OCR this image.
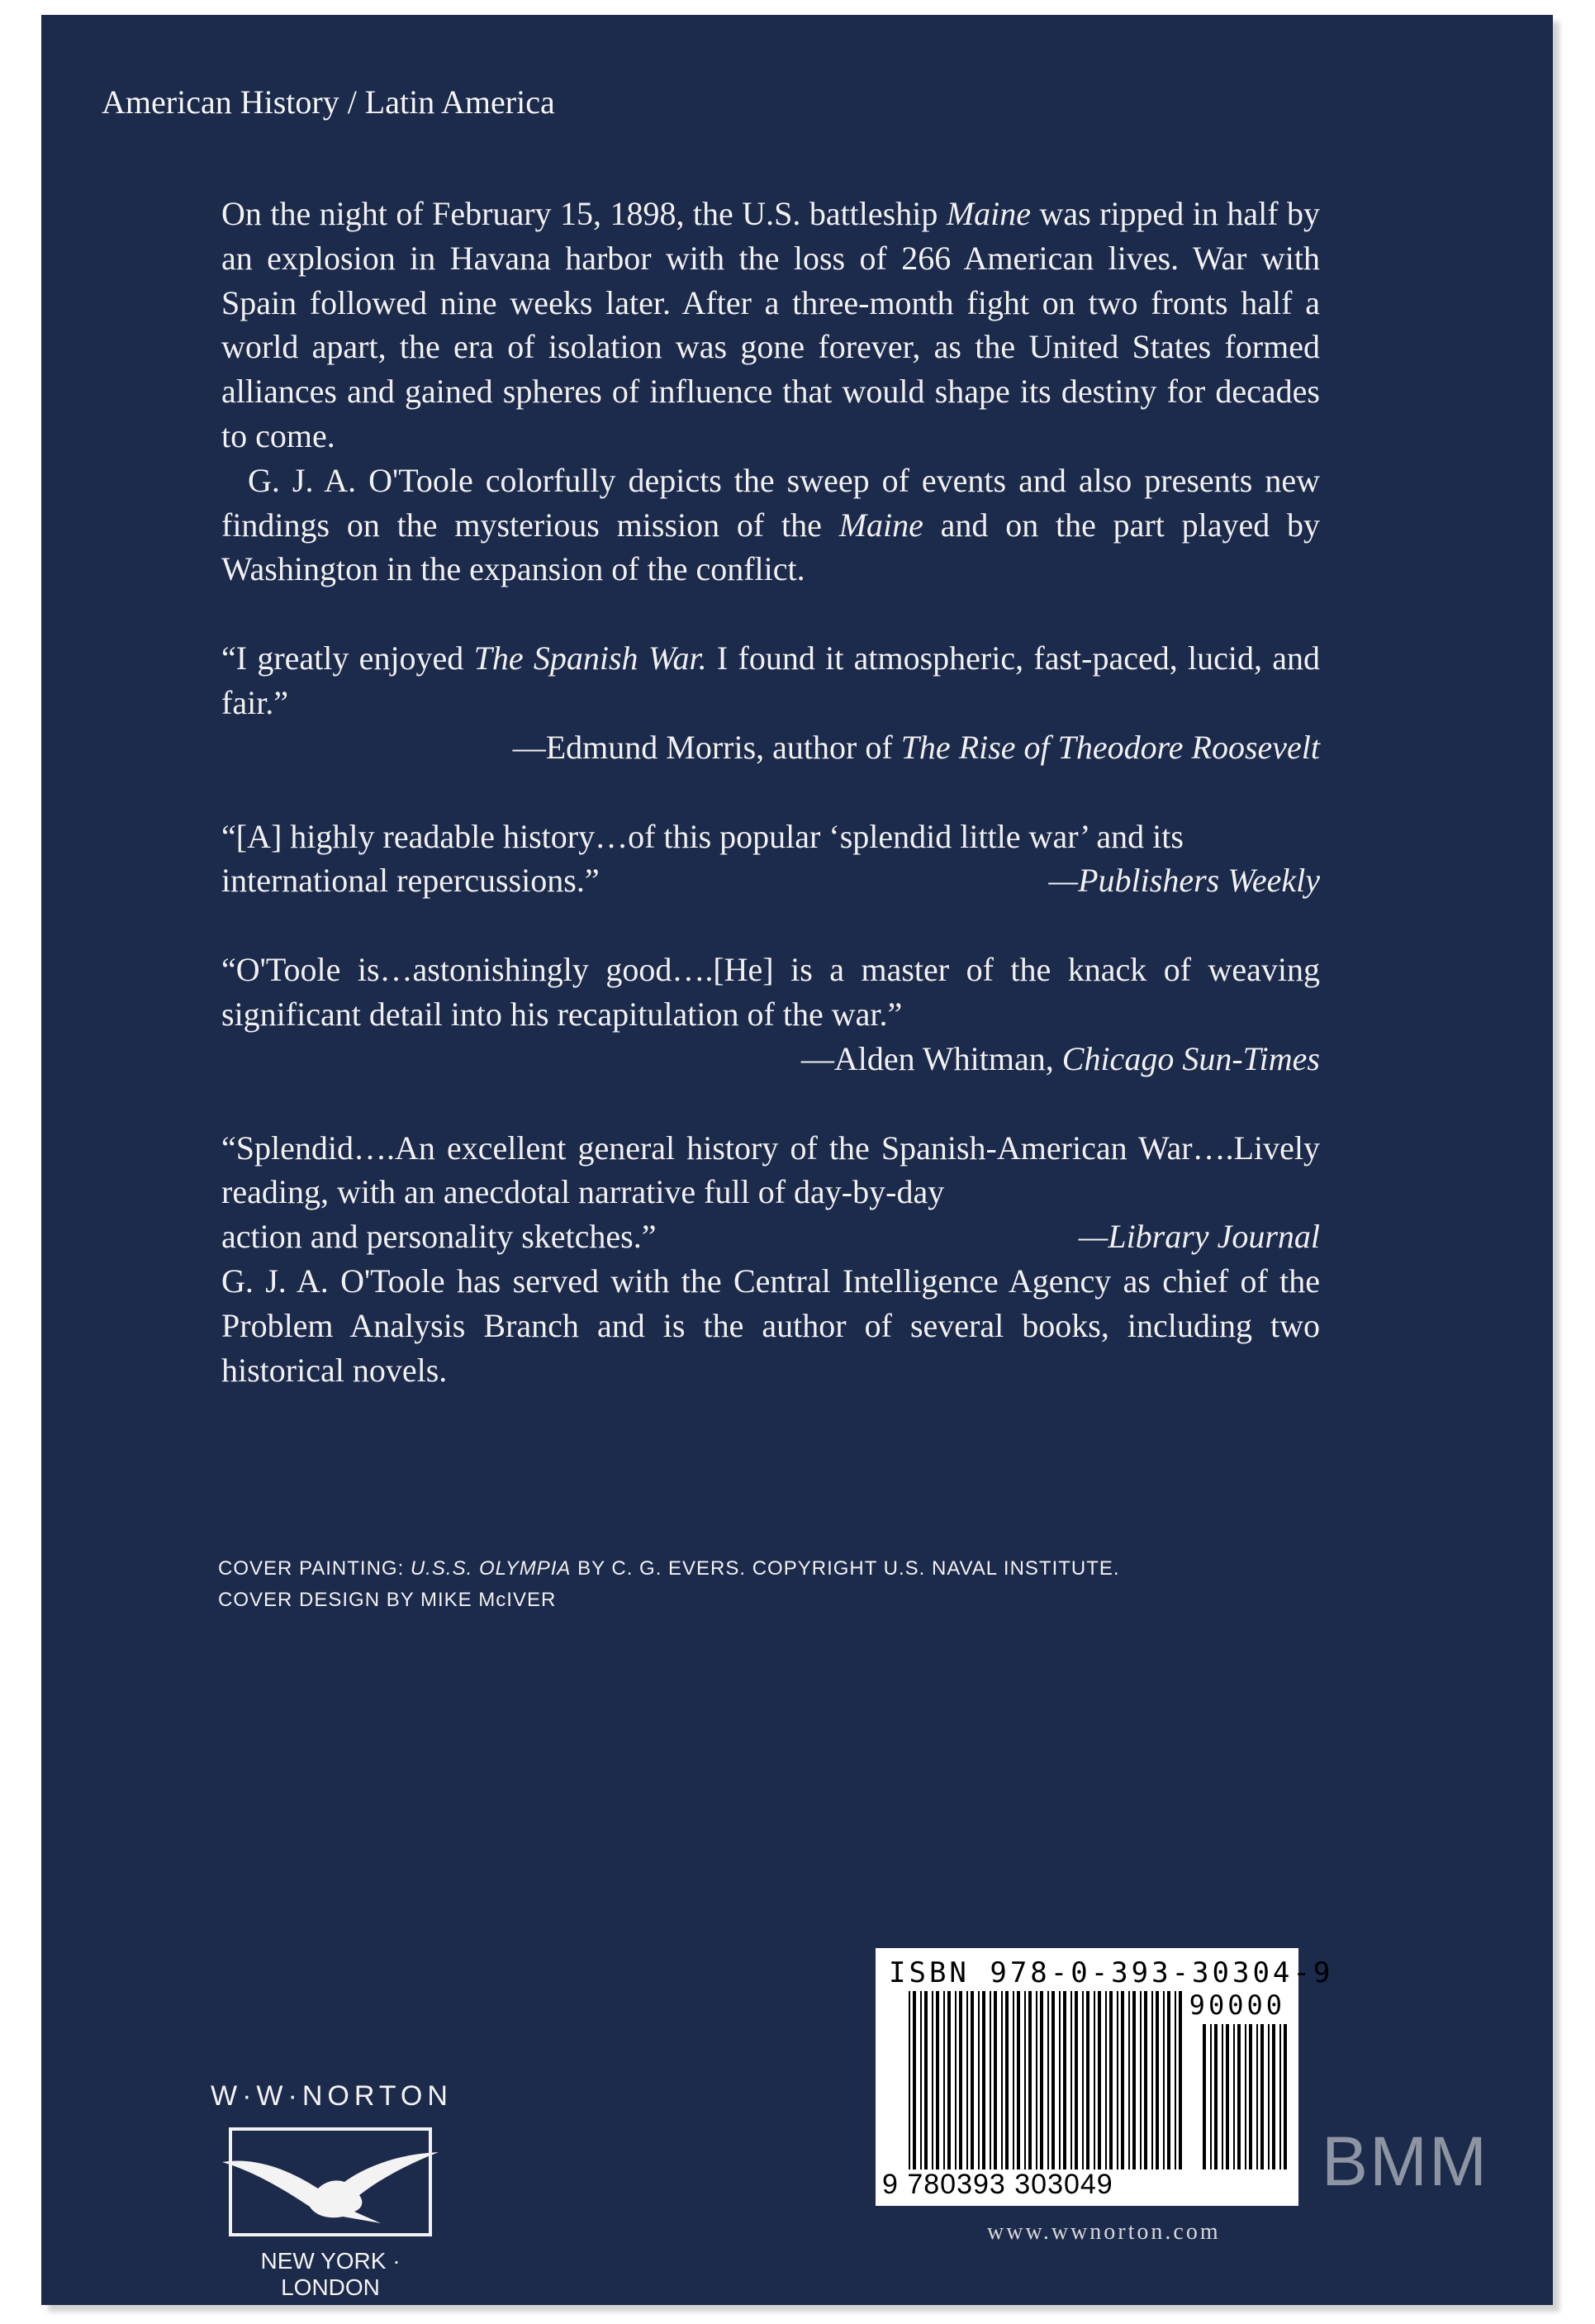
American History / Latin America

On the night of February 15, 1898, the U.S. battleship Maine was ripped in half by an explosion in Havana harbor with the loss of 266 American lives. War with Spain followed nine weeks later. After a three-month fight on two fronts half a world apart, the era of isolation was gone forever, as the United States formed alliances and gained spheres of influence that would shape its destiny for decades to come.

G. J. A. O'Toole colorfully depicts the sweep of events and also presents new findings on the mysterious mission of the Maine and on the part played by Washington in the expansion of the conflict.

“I greatly enjoyed The Spanish War. I found it atmospheric, fast-paced, lucid, and fair.”

—Edmund Morris, author of The Rise of Theodore Roosevelt

“[A] highly readable history…of this popular ‘splendid little war’ and its

international repercussions.”	—Publishers Weekly

“O'Toole is…astonishingly good….[He] is a master of the knack of weaving significant detail into his recapitulation of the war.”

—Alden Whitman, Chicago Sun-Times

“Splendid….An excellent general history of the Spanish-American War….Lively reading, with an anecdotal narrative full of day-by-day

action and personality sketches.”	—Library Journal

G. J. A. O'Toole has served with the Central Intelligence Agency as chief of the Problem Analysis Branch and is the author of several books, including two historical novels.

COVER PAINTING: U.S.S. OLYMPIA BY C. G. EVERS. COPYRIGHT U.S. NAVAL INSTITUTE.
COVER DESIGN BY MIKE McIVER
W·W·NORTON
NEW YORK · LONDON
ISBN 978-0-393-30304-9
90000
9 780393 303049	BMM
www.wwnorton.com
